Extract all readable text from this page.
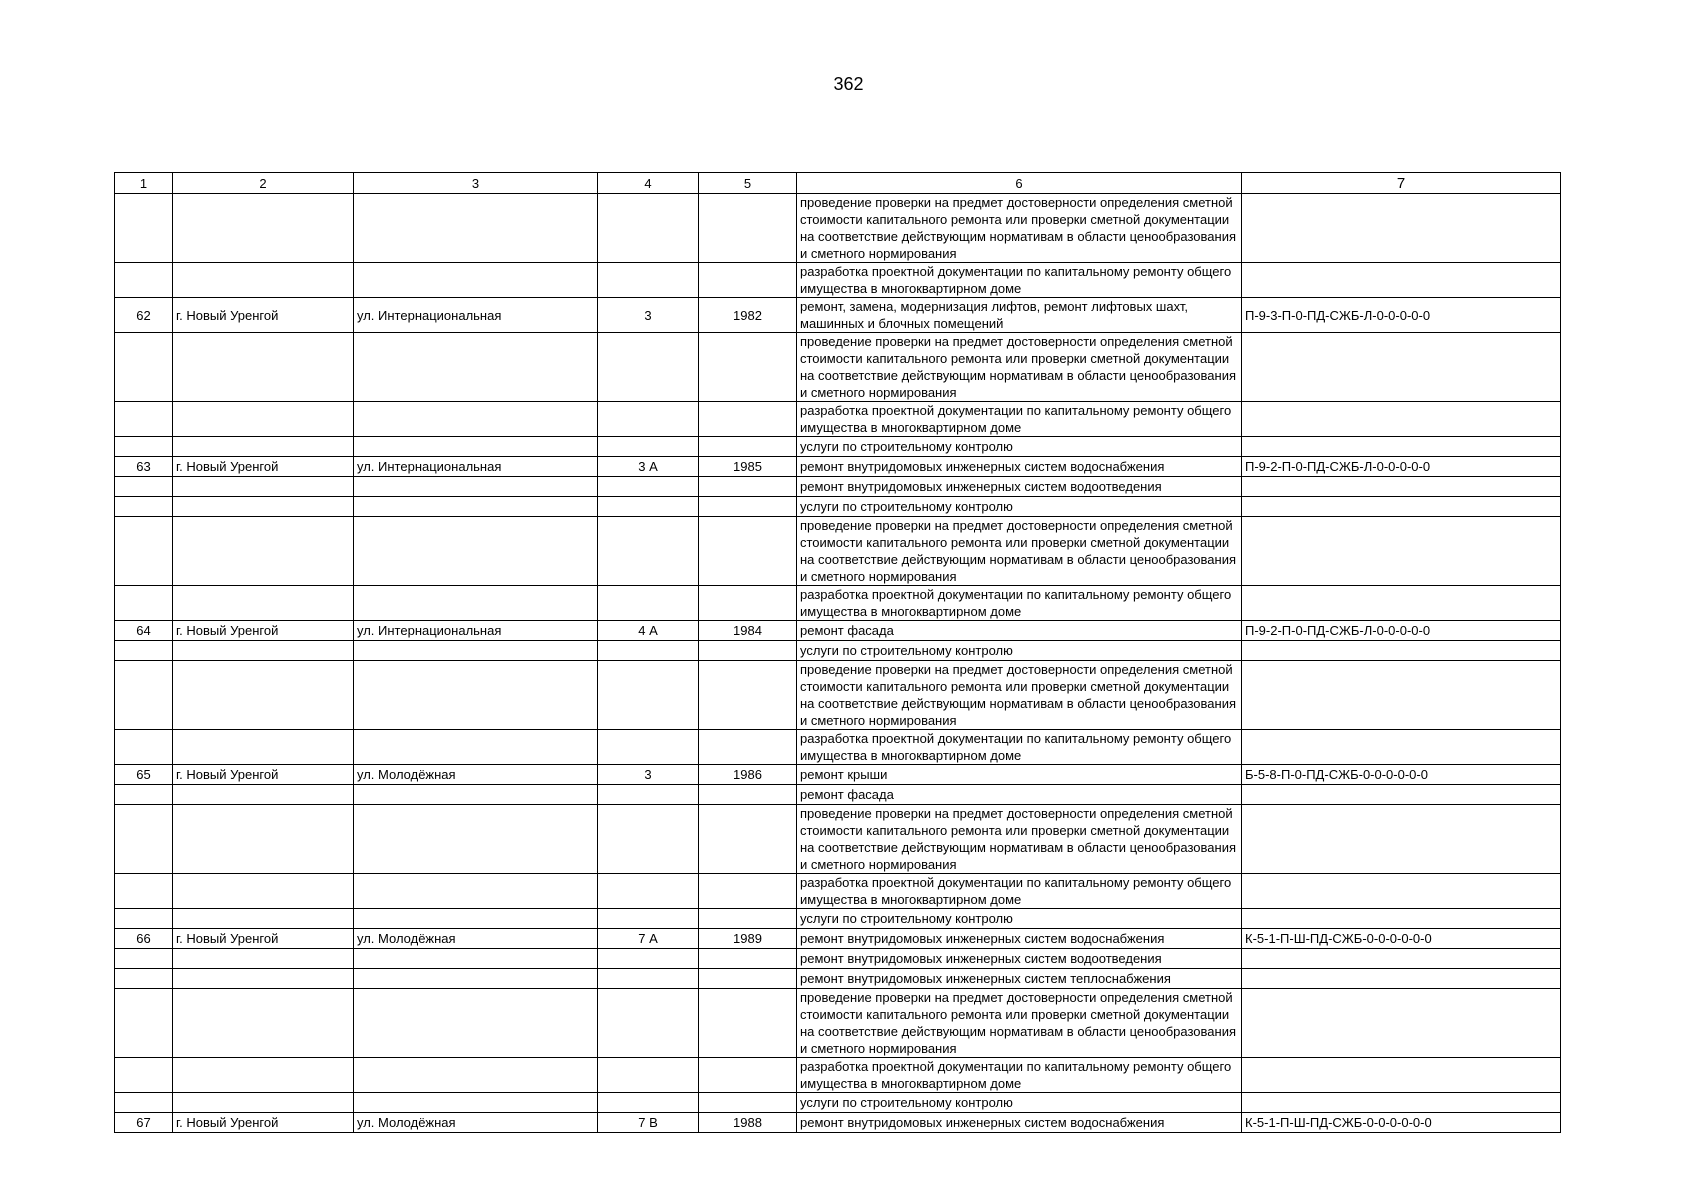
362
1	2	3	4	5	6	7
					проведение проверки на предмет достоверности определения сметной стоимости капитального ремонта или проверки сметной документации на соответствие действующим нормативам в области ценообразования и сметного нормирования	
					разработка проектной документации по капитальному ремонту общего имущества в многоквартирном доме	
62	г. Новый Уренгой	ул. Интернациональная	3	1982	ремонт, замена, модернизация лифтов, ремонт лифтовых шахт, машинных и блочных помещений	П-9-3-П-0-ПД-СЖБ-Л-0-0-0-0-0
					проведение проверки на предмет достоверности определения сметной стоимости капитального ремонта или проверки сметной документации на соответствие действующим нормативам в области ценообразования и сметного нормирования	
					разработка проектной документации по капитальному ремонту общего имущества в многоквартирном доме	
					услуги по строительному контролю	
63	г. Новый Уренгой	ул. Интернациональная	3 А	1985	ремонт внутридомовых инженерных систем водоснабжения	П-9-2-П-0-ПД-СЖБ-Л-0-0-0-0-0
					ремонт внутридомовых инженерных систем водоотведения	
					услуги по строительному контролю	
					проведение проверки на предмет достоверности определения сметной стоимости капитального ремонта или проверки сметной документации на соответствие действующим нормативам в области ценообразования и сметного нормирования	
					разработка проектной документации по капитальному ремонту общего имущества в многоквартирном доме	
64	г. Новый Уренгой	ул. Интернациональная	4 А	1984	ремонт фасада	П-9-2-П-0-ПД-СЖБ-Л-0-0-0-0-0
					услуги по строительному контролю	
					проведение проверки на предмет достоверности определения сметной стоимости капитального ремонта или проверки сметной документации на соответствие действующим нормативам в области ценообразования и сметного нормирования	
					разработка проектной документации по капитальному ремонту общего имущества в многоквартирном доме	
65	г. Новый Уренгой	ул. Молодёжная	3	1986	ремонт крыши	Б-5-8-П-0-ПД-СЖБ-0-0-0-0-0-0
					ремонт фасада	
					проведение проверки на предмет достоверности определения сметной стоимости капитального ремонта или проверки сметной документации на соответствие действующим нормативам в области ценообразования и сметного нормирования	
					разработка проектной документации по капитальному ремонту общего имущества в многоквартирном доме	
					услуги по строительному контролю	
66	г. Новый Уренгой	ул. Молодёжная	7 А	1989	ремонт внутридомовых инженерных систем водоснабжения	К-5-1-П-Ш-ПД-СЖБ-0-0-0-0-0-0
					ремонт внутридомовых инженерных систем водоотведения	
					ремонт внутридомовых инженерных систем теплоснабжения	
					проведение проверки на предмет достоверности определения сметной стоимости капитального ремонта или проверки сметной документации на соответствие действующим нормативам в области ценообразования и сметного нормирования	
					разработка проектной документации по капитальному ремонту общего имущества в многоквартирном доме	
					услуги по строительному контролю	
67	г. Новый Уренгой	ул. Молодёжная	7 В	1988	ремонт внутридомовых инженерных систем водоснабжения	К-5-1-П-Ш-ПД-СЖБ-0-0-0-0-0-0
